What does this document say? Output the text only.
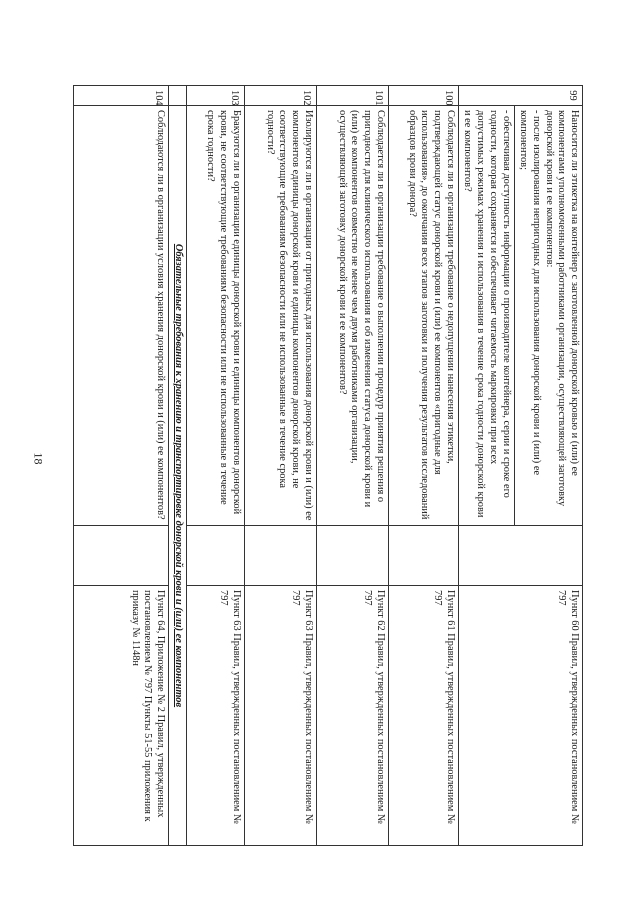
18
99	Наносится ли этикетка на контейнер с заготовленной донорской кровью и (или) ее компонентами уполномоченными работниками организации, осуществляющей заготовку донорской крови и ее компонентов:
- после изолирования непригодных для использования донорской крови и (или) ее компонентов;
- обеспечивая доступность информации о производителе контейнера, серии и сроке его годности, которая сохраняется и обеспечивает читаемость маркировки при всех допустимых режимах хранения и использования в течение срока годности донорской крови и ее компонентов?		Пункт 60 Правил, утвержденных постановлением № 797
100	Соблюдается ли в организации требование о недопущении нанесения этикетки, подтверждающей статус донорской крови и (или) ее компонентов «пригодные для использования», до окончания всех этапов заготовки и получения результатов исследований образцов крови донора?		Пункт 61 Правил, утвержденных постановлением № 797
101	Соблюдается ли в организации требование о выполнении процедур принятия решения о пригодности для клинического использования и об изменении статуса донорской крови и (или) ее компонентов совместно не менее чем двумя работниками организации, осуществляющей заготовку донорской крови и ее компонентов?		Пункт 62 Правил, утвержденных постановлением № 797
102	Изолируются ли в организации от пригодных для использования донорской крови и (или) ее компонентов единицы донорской крови и единицы компонентов донорской крови, не соответствующие требованиям безопасности или не использованные в течение срока годности?		Пункт 63 Правил, утвержденных постановлением № 797
103	Бракуются ли в организации единицы донорской крови и единицы компонентов донорской крови, не соответствующие требованиям безопасности или не использованные в течение срока годности?		Пункт 63 Правил, утвержденных постановлением № 797
	Обязательные требования к хранению и транспортировке донорской крови и (или) ее компонентов		
104	Соблюдаются ли в организации условия хранения донорской крови и (или) ее компонентов?		Пункт 64, Приложение № 2 Правил, утвержденных постановлением № 797 Пункты 51-55 приложения к приказу № 1148н
